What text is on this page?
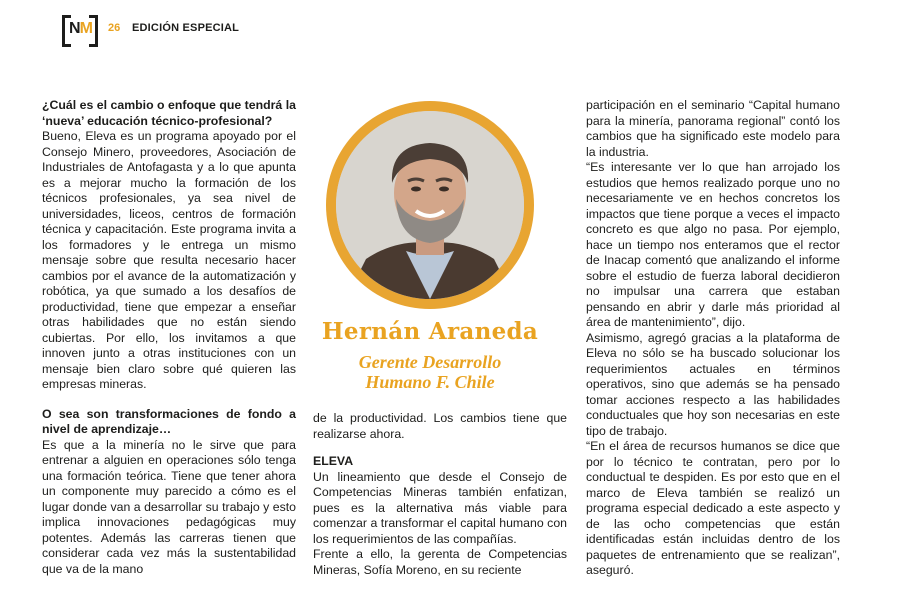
NM 26 EDICIÓN ESPECIAL

¿Cuál es el cambio o enfoque que tendrá la ‘nueva’ educación técnico-profesional?

Bueno, Eleva es un programa apoyado por el Consejo Minero, proveedores, Asociación de Industriales de Antofagasta y a lo que apunta es a mejorar mucho la formación de los técnicos profesionales, ya sea nivel de universidades, liceos, centros de formación técnica y capacitación. Este programa invita a los formadores y le entrega un mismo mensaje sobre que resulta necesario hacer cambios por el avance de la automatización y robótica, ya que sumado a los desafíos de productividad, tiene que empezar a enseñar otras habilidades que no están siendo cubiertas. Por ello, los invitamos a que innoven junto a otras instituciones con un mensaje bien claro sobre qué quieren las empresas mineras.

O sea son transformaciones de fondo a nivel de aprendizaje…

Es que a la minería no le sirve que para entrenar a alguien en operaciones sólo tenga una formación teórica. Tiene que tener ahora un componente muy parecido a cómo es el lugar donde van a desarrollar su trabajo y esto implica innovaciones pedagógicas muy potentes. Además las carreras tienen que considerar cada vez más la sustentabilidad que va de la mano

Hernán Araneda
Gerente Desarrollo
Humano F. Chile

de la productividad. Los cambios tiene que realizarse ahora.

ELEVA

Un lineamiento que desde el Consejo de Competencias Mineras también enfatizan, pues es la alternativa más viable para comenzar a transformar el capital humano con los requerimientos de las compañías.

Frente a ello, la gerenta de Competencias Mineras, Sofía Moreno, en su reciente

participación en el seminario “Capital humano para la minería, panorama regional” contó los cambios que ha significado este modelo para la industria.

“Es interesante ver lo que han arrojado los estudios que hemos realizado porque uno no necesariamente ve en hechos concretos los impactos que tiene porque a veces el impacto concreto es que algo no pasa. Por ejemplo, hace un tiempo nos enteramos que el rector de Inacap comentó que analizando el informe sobre el estudio de fuerza laboral decidieron no impulsar una carrera que estaban pensando en abrir y darle más prioridad al área de mantenimiento”, dijo.

Asimismo, agregó gracias a la plataforma de Eleva no sólo se ha buscado solucionar los requerimientos actuales en términos operativos, sino que además se ha pensado tomar acciones respecto a las habilidades conductuales que hoy son necesarias en este tipo de trabajo.

“En el área de recursos humanos se dice que por lo técnico te contratan, pero por lo conductual te despiden. Es por esto que en el marco de Eleva también se realizó un programa especial dedicado a este aspecto y de las ocho competencias que están identificadas están incluidas dentro de los paquetes de entrenamiento que se realizan”, aseguró.
